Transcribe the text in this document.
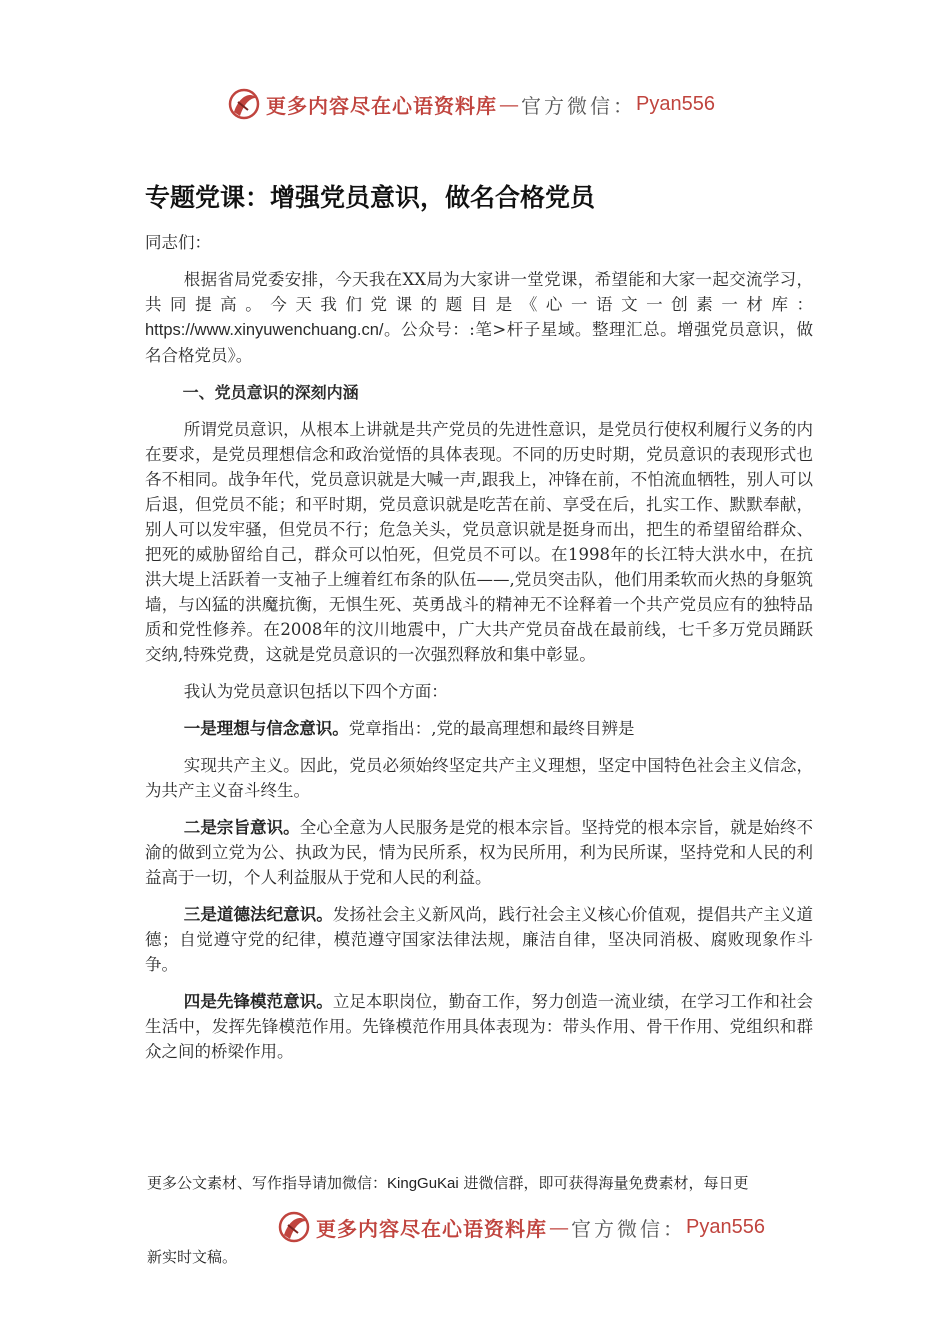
更多内容尽在心语资料库 — 官方微信： Pyan556
专题党课：增强党员意识，做名合格党员

同志们：

根据省局党委安排，今天我在XX局为大家讲一堂党课，希望能和大家一起交流学习，共同提高。今天我们党课的题目是《心一语文一创素一材库：https://www.xinyuwenchuang.cn/。公众号：:笔>杆子星域。整理汇总。增强党员意识，做名合格党员》。

一、党员意识的深刻内涵

所谓党员意识，从根本上讲就是共产党员的先进性意识，是党员行使权利履行义务的内在要求，是党员理想信念和政治觉悟的具体表现。不同的历史时期，党员意识的表现形式也各不相同。战争年代，党员意识就是大喊一声,跟我上，冲锋在前，不怕流血牺牲，别人可以后退，但党员不能；和平时期，党员意识就是吃苦在前、享受在后，扎实工作、默默奉献，别人可以发牢骚，但党员不行；危急关头，党员意识就是挺身而出，把生的希望留给群众、把死的威胁留给自己，群众可以怕死，但党员不可以。在1998年的长江特大洪水中，在抗洪大堤上活跃着一支袖子上缠着红布条的队伍——,党员突击队，他们用柔软而火热的身躯筑墙，与凶猛的洪魔抗衡，无惧生死、英勇战斗的精神无不诠释着一个共产党员应有的独特品质和党性修养。在2008年的汶川地震中，广大共产党员奋战在最前线，七千多万党员踊跃交纳,特殊党费，这就是党员意识的一次强烈释放和集中彰显。

我认为党员意识包括以下四个方面：

一是理想与信念意识。党章指出：,党的最高理想和最终目辨是

实现共产主义。因此，党员必须始终坚定共产主义理想，坚定中国特色社会主义信念，为共产主义奋斗终生。

二是宗旨意识。全心全意为人民服务是党的根本宗旨。坚持党的根本宗旨，就是始终不渝的做到立党为公、执政为民，情为民所系，权为民所用，利为民所谋，坚持党和人民的利益高于一切，个人利益服从于党和人民的利益。

三是道德法纪意识。发扬社会主义新风尚，践行社会主义核心价值观，提倡共产主义道德；自觉遵守党的纪律，模范遵守国家法律法规，廉洁自律，坚决同消极、腐败现象作斗争。

四是先锋模范意识。立足本职岗位，勤奋工作，努力创造一流业绩，在学习工作和社会生活中，发挥先锋模范作用。先锋模范作用具体表现为：带头作用、骨干作用、党组织和群众之间的桥梁作用。

更多公文素材、写作指导请加微信：KingGuKai 进微信群，即可获得海量免费素材，每日更
更多内容尽在心语资料库 — 官方微信： Pyan556
新实时文稿。
